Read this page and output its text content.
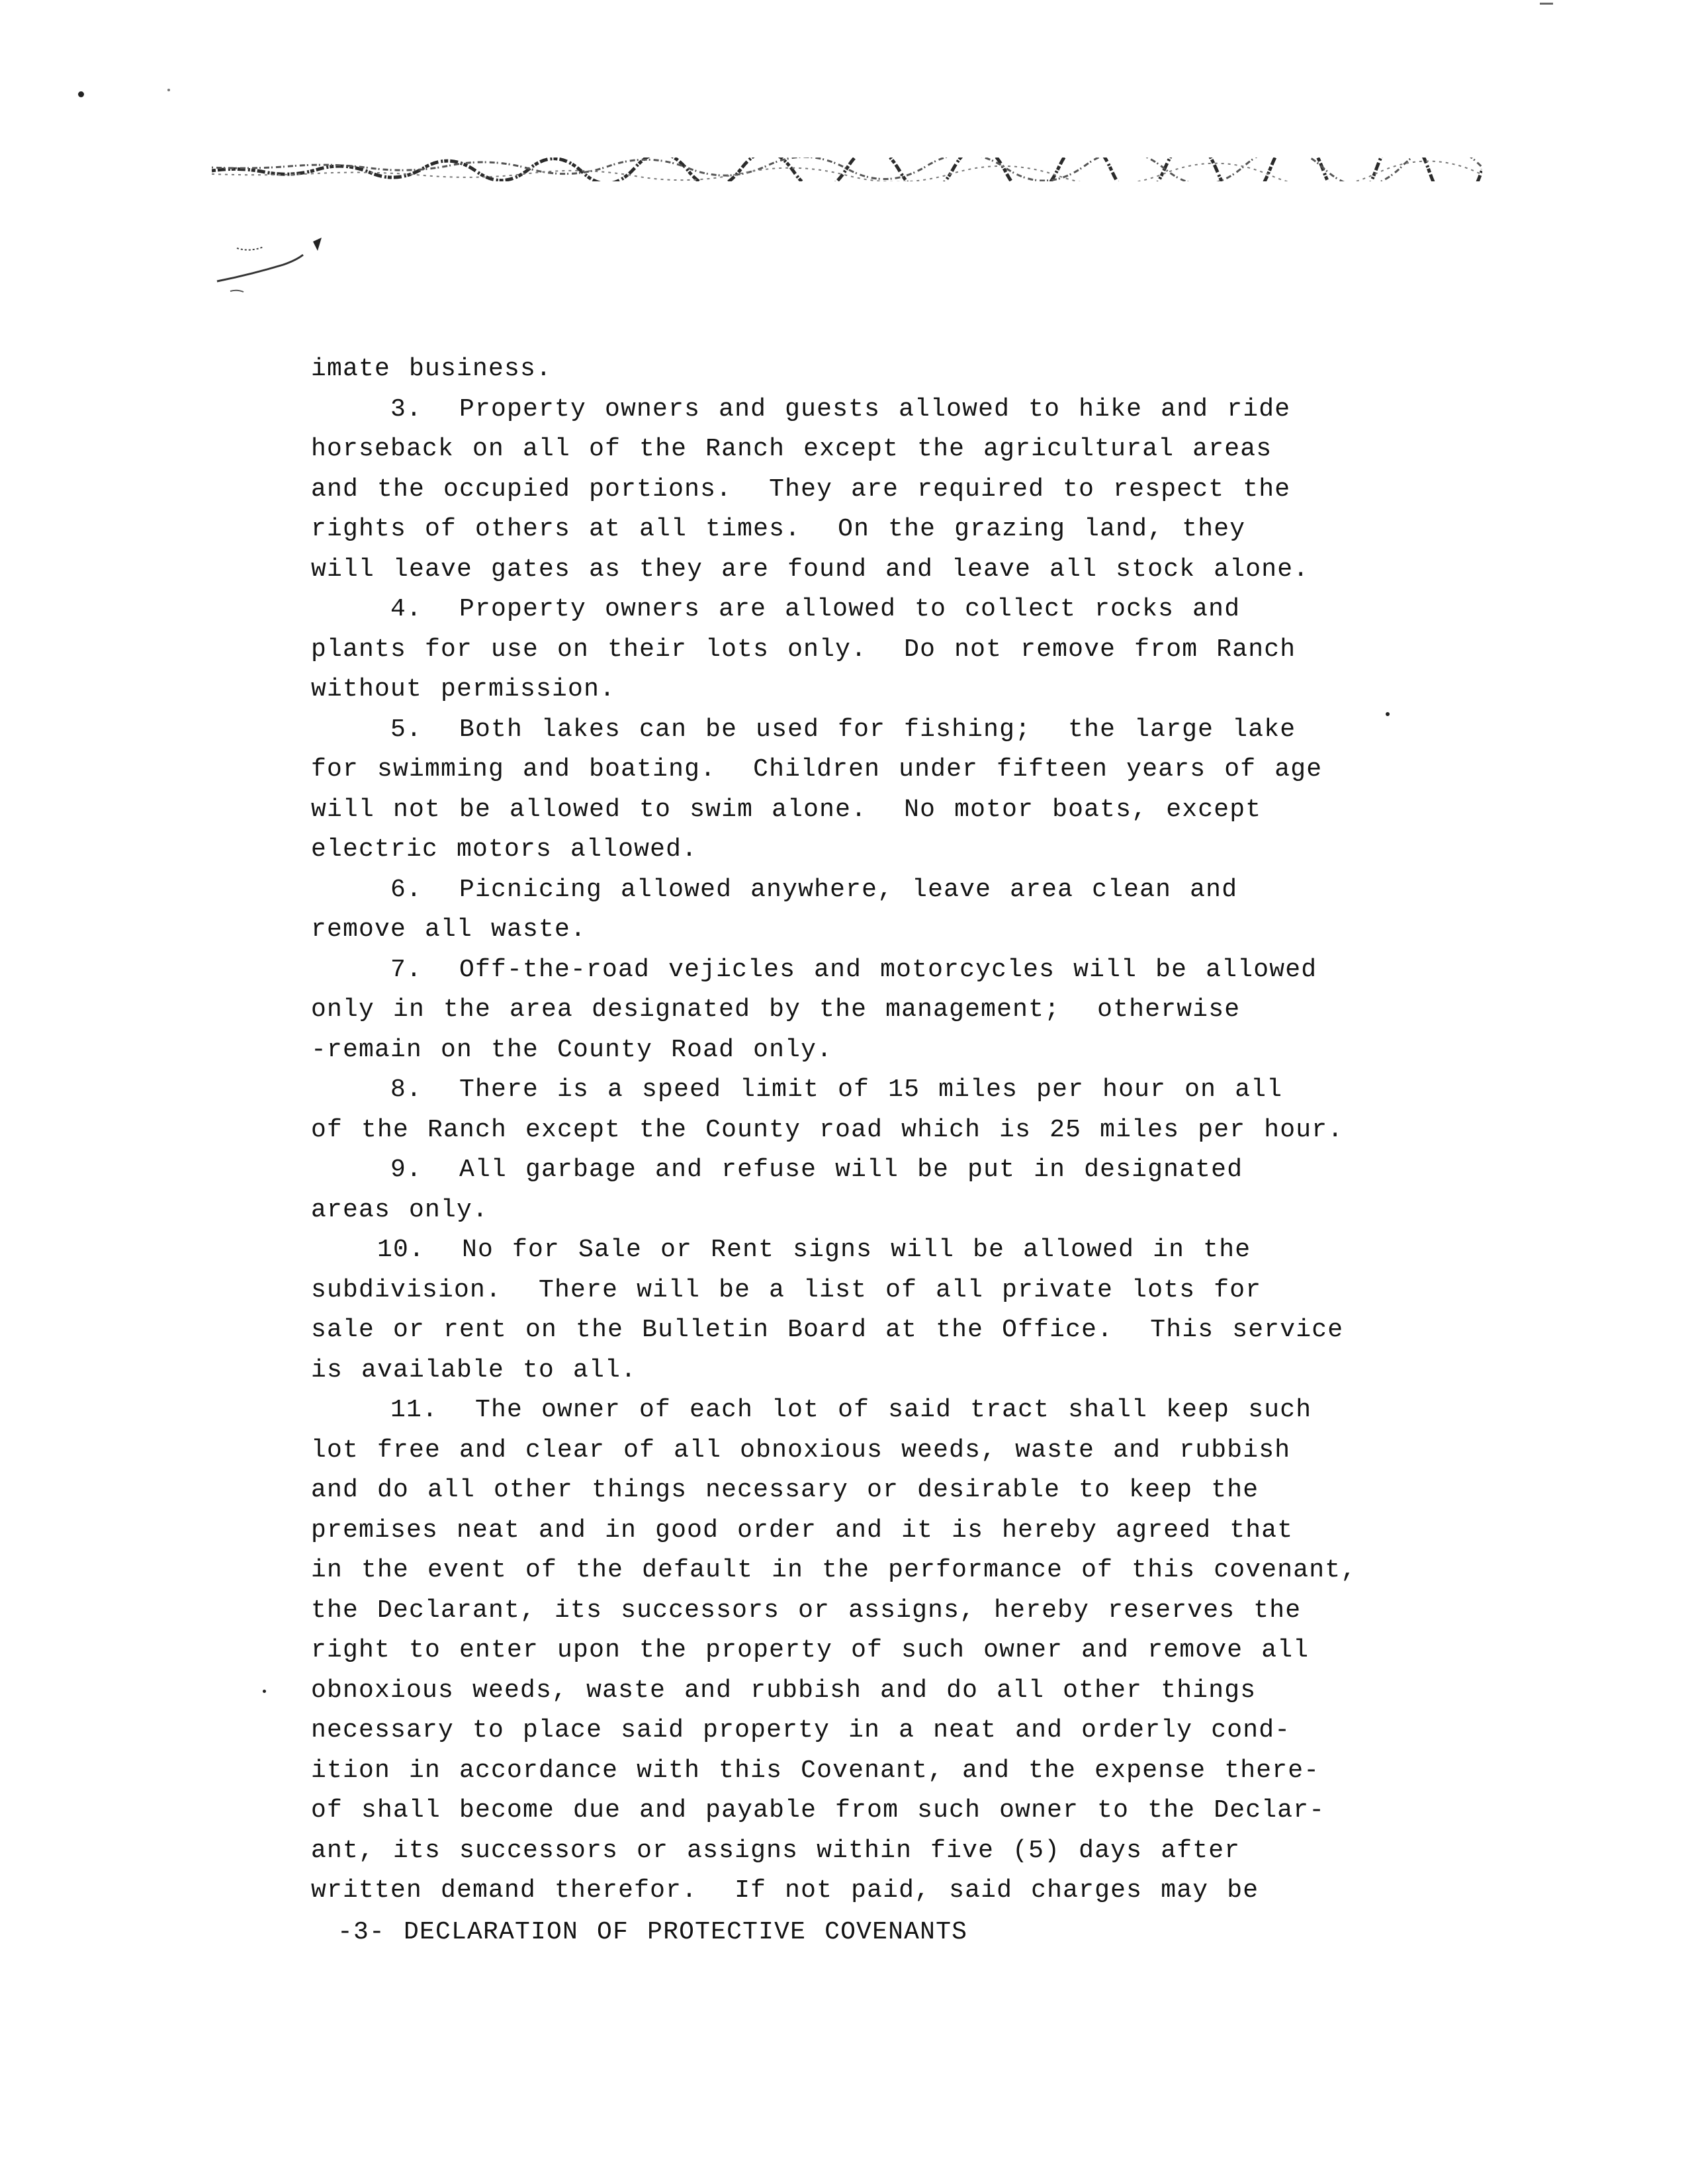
imate business.
3.  Property owners and guests allowed to hike and ride
horseback on all of the Ranch except the agricultural areas
and the occupied portions.  They are required to respect the
rights of others at all times.  On the grazing land, they
will leave gates as they are found and leave all stock alone.
4.  Property owners are allowed to collect rocks and
plants for use on their lots only.  Do not remove from Ranch
without permission.
5.  Both lakes can be used for fishing;  the large lake
for swimming and boating.  Children under fifteen years of age
will not be allowed to swim alone.  No motor boats, except
electric motors allowed.
6.  Picnicing allowed anywhere, leave area clean and
remove all waste.
7.  Off-the-road vejicles and motorcycles will be allowed
only in the area designated by the management;  otherwise
-remain on the County Road only.
8.  There is a speed limit of 15 miles per hour on all
of the Ranch except the County road which is 25 miles per hour.
9.  All garbage and refuse will be put in designated
areas only.
10.  No for Sale or Rent signs will be allowed in the
subdivision.  There will be a list of all private lots for
sale or rent on the Bulletin Board at the Office.  This service
is available to all.
11.  The owner of each lot of said tract shall keep such
lot free and clear of all obnoxious weeds, waste and rubbish
and do all other things necessary or desirable to keep the
premises neat and in good order and it is hereby agreed that
in the event of the default in the performance of this covenant,
the Declarant, its successors or assigns, hereby reserves the
right to enter upon the property of such owner and remove all
obnoxious weeds, waste and rubbish and do all other things
necessary to place said property in a neat and orderly cond-
ition in accordance with this Covenant, and the expense there-
of shall become due and payable from such owner to the Declar-
ant, its successors or assigns within five (5) days after
written demand therefor.  If not paid, said charges may be
-3- DECLARATION OF PROTECTIVE COVENANTS
